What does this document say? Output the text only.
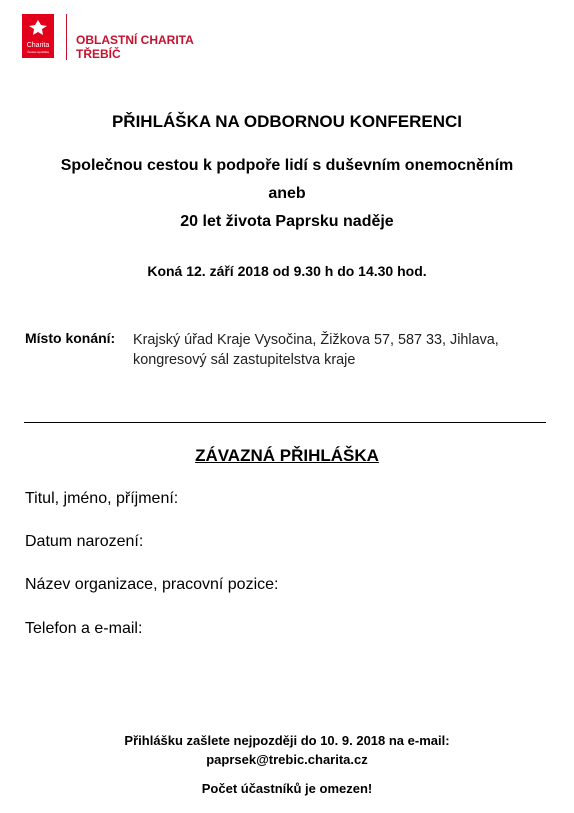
Charita
Česká republika
OBLASTNÍ CHARITA
TŘEBÍČ
PŘIHLÁŠKA NA ODBORNOU KONFERENCI
Společnou cestou k podpoře lidí s duševním onemocněním
aneb
20 let života Paprsku naděje
Koná 12. září 2018 od 9.30 h do 14.30 hod.
Místo konání: Krajský úřad Kraje Vysočina, Žižkova 57, 587 33, Jihlava,
kongresový sál zastupitelstva kraje
ZÁVAZNÁ PŘIHLÁŠKA
Titul, jméno, příjmení:
Datum narození:
Název organizace, pracovní pozice:
Telefon a e-mail:
Přihlášku zašlete nejpozději do 10. 9. 2018 na e-mail:
paprsek@trebic.charita.cz
Počet účastníků je omezen!
